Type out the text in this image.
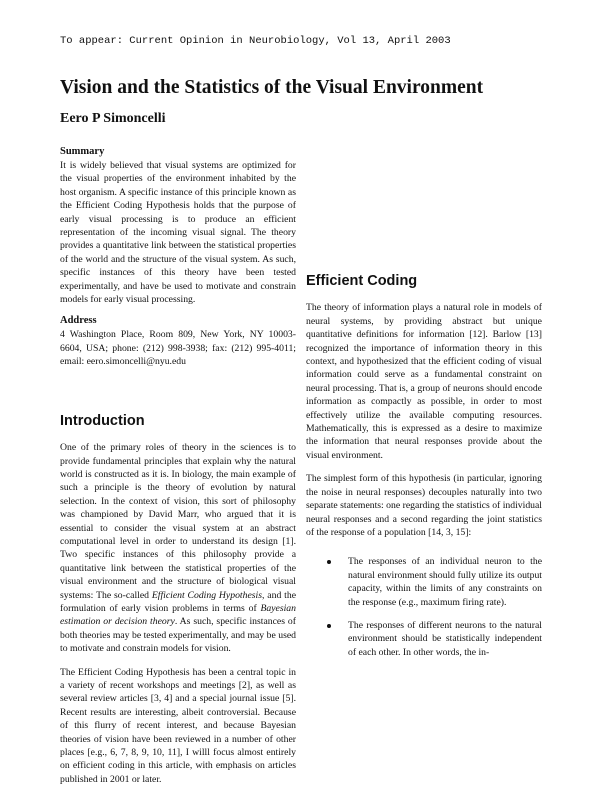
To appear: Current Opinion in Neurobiology, Vol 13, April 2003
Vision and the Statistics of the Visual Environment
Eero P Simoncelli
Summary

It is widely believed that visual systems are optimized for the visual properties of the environment inhabited by the host organism. A specific instance of this principle known as the Efficient Coding Hypothesis holds that the purpose of early visual processing is to produce an efficient representation of the incoming visual signal. The theory provides a quantitative link between the statistical properties of the world and the structure of the visual system. As such, specific instances of this theory have been tested experimentally, and have be used to motivate and constrain models for early visual processing.

Address

4 Washington Place, Room 809, New York, NY 10003-6604, USA; phone: (212) 998-3938; fax: (212) 995-4011; email: eero.simoncelli@nyu.edu

Introduction

One of the primary roles of theory in the sciences is to provide fundamental principles that explain why the natural world is constructed as it is. In biology, the main example of such a principle is the theory of evolution by natural selection. In the context of vision, this sort of philosophy was championed by David Marr, who argued that it is essential to consider the visual system at an abstract computational level in order to understand its design [1]. Two specific instances of this philosophy provide a quantitative link between the statistical properties of the visual environment and the structure of biological visual systems: The so-called Efficient Coding Hypothesis, and the formulation of early vision problems in terms of Bayesian estimation or decision theory. As such, specific instances of both theories may be tested experimentally, and may be used to motivate and constrain models for vision.

The Efficient Coding Hypothesis has been a central topic in a variety of recent workshops and meetings [2], as well as several review articles [3, 4] and a special journal issue [5]. Recent results are interesting, albeit controversial. Because of this flurry of recent interest, and because Bayesian theories of vision have been reviewed in a number of other places [e.g., 6, 7, 8, 9, 10, 11], I willl focus almost entirely on efficient coding in this article, with emphasis on articles published in 2001 or later.

Efficient Coding

The theory of information plays a natural role in models of neural systems, by providing abstract but unique quantitative definitions for information [12]. Barlow [13] recognized the importance of information theory in this context, and hypothesized that the efficient coding of visual information could serve as a fundamental constraint on neural processing. That is, a group of neurons should encode information as compactly as possible, in order to most effectively utilize the available computing resources. Mathematically, this is expressed as a desire to maximize the information that neural responses provide about the visual environment.

The simplest form of this hypothesis (in particular, ignoring the noise in neural responses) decouples naturally into two separate statements: one regarding the statistics of individual neural responses and a second regarding the joint statistics of the response of a population [14, 3, 15]:

The responses of an individual neuron to the natural environment should fully utilize its output capacity, within the limits of any constraints on the response (e.g., maximum firing rate).
The responses of different neurons to the natural environment should be statistically independent of each other. In other words, the in-
